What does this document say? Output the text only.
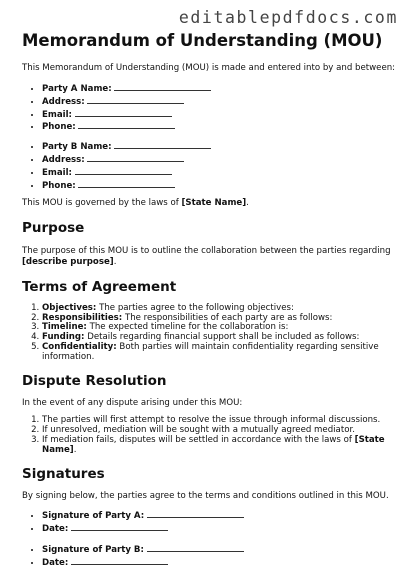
editablepdfdocs.com
Memorandum of Understanding (MOU)

This Memorandum of Understanding (MOU) is made and entered into by and between:

• Party A Name:
• Address:
• Email:
• Phone:
• Party B Name:
• Address:
• Email:
• Phone:

This MOU is governed by the laws of [State Name].

Purpose

The purpose of this MOU is to outline the collaboration between the parties regarding [describe purpose].

Terms of Agreement
1. Objectives: The parties agree to the following objectives:
2. Responsibilities: The responsibilities of each party are as follows:
3. Timeline: The expected timeline for the collaboration is:
4. Funding: Details regarding financial support shall be included as follows:
5. Confidentiality: Both parties will maintain confidentiality regarding sensitive information.
Dispute Resolution

In the event of any dispute arising under this MOU:

1. The parties will first attempt to resolve the issue through informal discussions.
2. If unresolved, mediation will be sought with a mutually agreed mediator.
3. If mediation fails, disputes will be settled in accordance with the laws of [State Name].
Signatures

By signing below, the parties agree to the terms and conditions outlined in this MOU.

• Signature of Party A:
• Date:
• Signature of Party B:
• Date:
